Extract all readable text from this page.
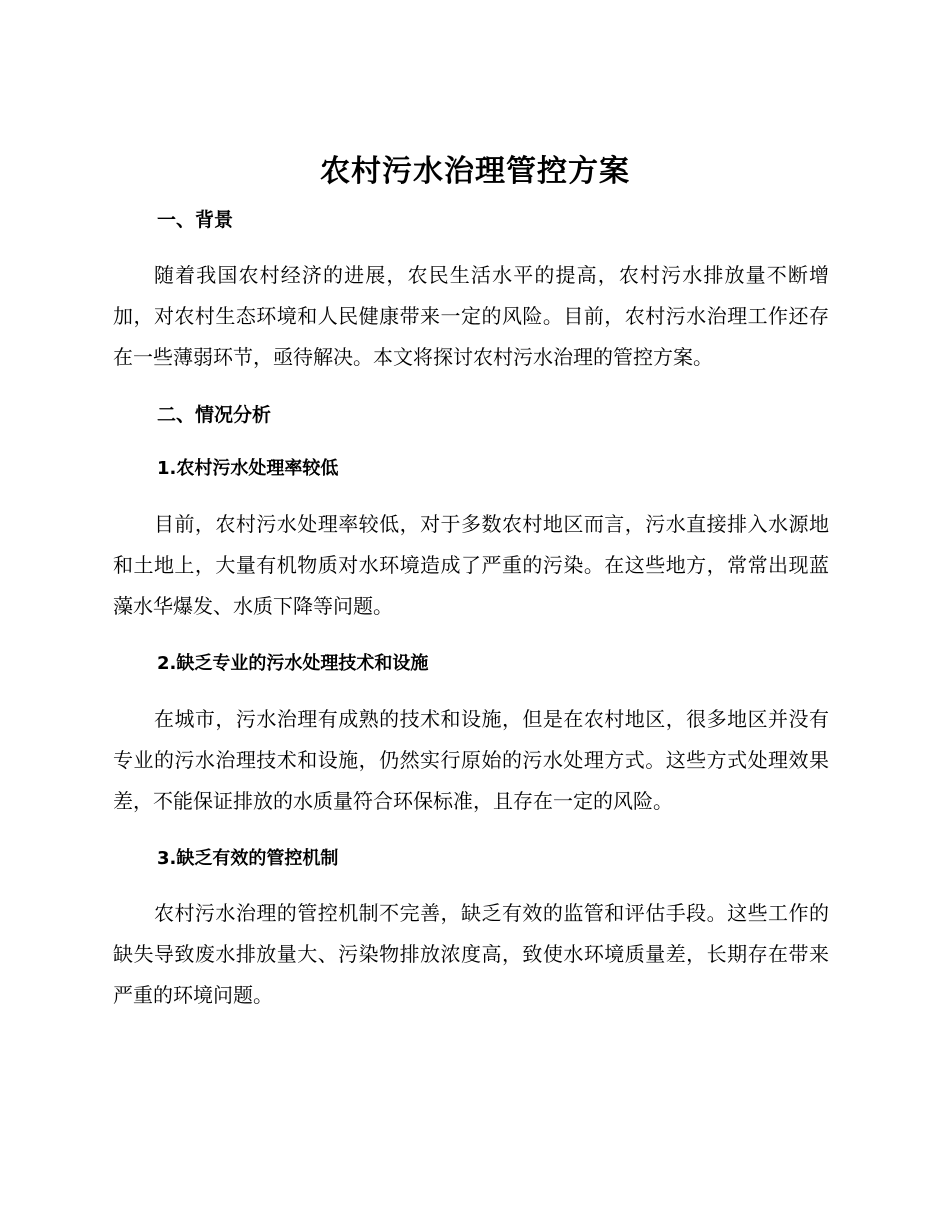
农村污水治理管控方案
一、背景

随着我国农村经济的进展，农民生活水平的提高，农村污水排放量不断增加，对农村生态环境和人民健康带来一定的风险。目前，农村污水治理工作还存在一些薄弱环节，亟待解决。本文将探讨农村污水治理的管控方案。

二、情况分析
1.农村污水处理率较低

目前，农村污水处理率较低，对于多数农村地区而言，污水直接排入水源地和土地上，大量有机物质对水环境造成了严重的污染。在这些地方，常常出现蓝藻水华爆发、水质下降等问题。

2.缺乏专业的污水处理技术和设施

在城市，污水治理有成熟的技术和设施，但是在农村地区，很多地区并没有专业的污水治理技术和设施，仍然实行原始的污水处理方式。这些方式处理效果差，不能保证排放的水质量符合环保标准，且存在一定的风险。

3.缺乏有效的管控机制

农村污水治理的管控机制不完善，缺乏有效的监管和评估手段。这些工作的缺失导致废水排放量大、污染物排放浓度高，致使水环境质量差，长期存在带来严重的环境问题。
